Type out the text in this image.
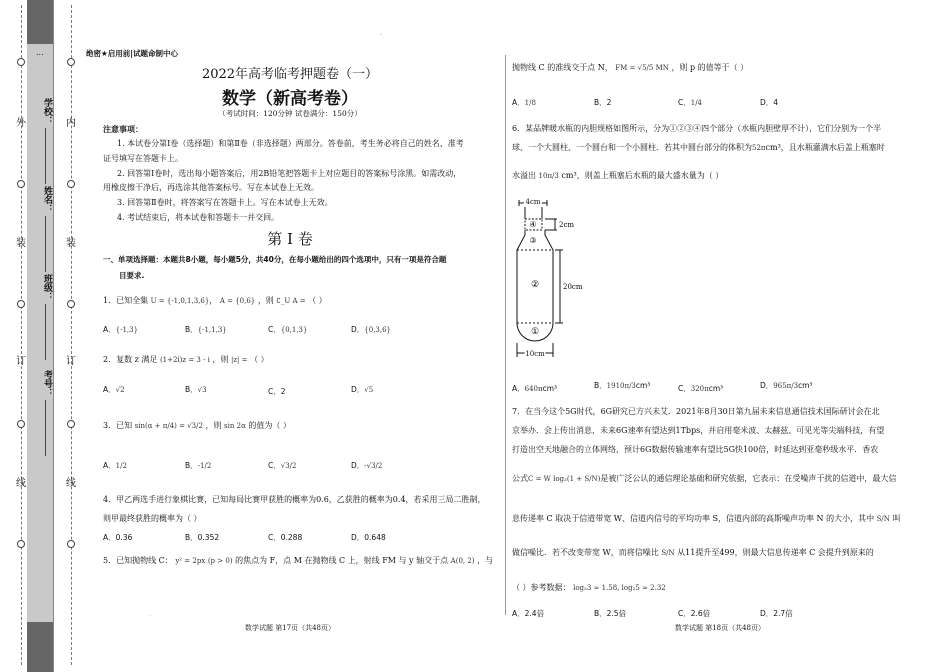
...
外
装
订
线
内
装
订
线
学校：
姓名：
班级：
考号：
绝密★启用前|试题命制中心
2022年高考临考押题卷（一）
数学（新高考卷）
（考试时间：120分钟 试卷满分：150分）
注意事项：
1. 本试卷分第Ⅰ卷（选择题）和第Ⅱ卷（非选择题）两部分。答卷前，考生务必将自己的姓名、准考
证号填写在答题卡上。
2. 回答第Ⅰ卷时，选出每小题答案后，用2B铅笔把答题卡上对应题目的答案标号涂黑。如需改动，
用橡皮擦干净后，再选涂其他答案标号。写在本试卷上无效。
3. 回答第Ⅱ卷时，将答案写在答题卡上。写在本试卷上无效。
4. 考试结束后，将本试卷和答题卡一并交回。
第 Ⅰ 卷
一、单项选择题：本题共8小题，每小题5分，共40分，在每小题给出的四个选项中，只有一项是符合题
目要求.
1．已知全集 U = {-1,0,1,3,6}， A = {0,6} ，则 ∁_U A = （ ）
A．{-1,3}	B．{-1,1,3}	C．{0,1,3}	D．{0,3,6}
2．复数 z 满足 (1+2i)z = 3 - i ，则 |z| = （ ）
A．√2	B．√3	C．2	D．√5
3．已知 sin(α + π/4) = √3/2 ，则 sin 2α 的值为（ ）
A．1/2	B．-1/2	C．√3/2	D．-√3/2
4．甲乙两选手进行象棋比赛，已知每局比赛甲获胜的概率为0.6，乙获胜的概率为0.4，若采用三局二胜制，
则甲最终获胜的概率为（ ）
A．0.36	B．0.352	C．0.288	D．0.648
5．已知抛物线 C： y² = 2px (p > 0) 的焦点为 F，点 M 在抛物线 C 上，射线 FM 与 y 轴交于点 A(0, 2) ，与
.
数学试题 第17页（共48页）
.
抛物线 C 的准线交于点 N， FM = √5/5 MN ，则 p 的值等于（ ）
A．1/8	B．2	C．1/4	D．4
6．某品牌暖水瓶的内胆规格如图所示，分为①②③④四个部分（水瓶内胆壁厚不计），它们分别为一个半
球、一个大圆柱、一个圆台和一个小圆柱．若其中圆台部分的体积为52πcm³，且水瓶灌满水后盖上瓶塞时
水溢出 10π/3 cm³，则盖上瓶塞后水瓶的最大盛水量为（ ）
4cm
④	2cm
③
②	20cm
①
10cm
A．640πcm³	B．1910π/3cm³	C．320πcm³	D．965π/3cm³
7．在当今这个5G时代，6G研究已方兴未艾．2021年8月30日第九届未来信息通信技术国际研讨会在北
京举办．会上传出消息，未来6G速率有望达到1Tbps，并启用毫米波、太赫兹、可见光等尖端科技，有望
打造出空天地融合的立体网络，预计6G数据传输速率有望比5G快100倍，时延达到亚毫秒级水平．香农
公式C = W log₂(1 + S/N)是被广泛公认的通信理论基础和研究依据，它表示：在受噪声干扰的信道中，最大信
息传递率 C 取决于信道带宽 W、信道内信号的平均功率 S，信道内部的高斯噪声功率 N 的大小，其中 S/N 叫
做信噪比．若不改变带宽 W，而将信噪比 S/N 从11提升至499，则最大信息传递率 C 会提升到原来的
（ ）参考数据： log₂3 ≈ 1.58, log₂5 ≈ 2.32
A．2.4倍	B．2.5倍	C．2.6倍	D．2.7倍
数学试题 第18页（共48页）
